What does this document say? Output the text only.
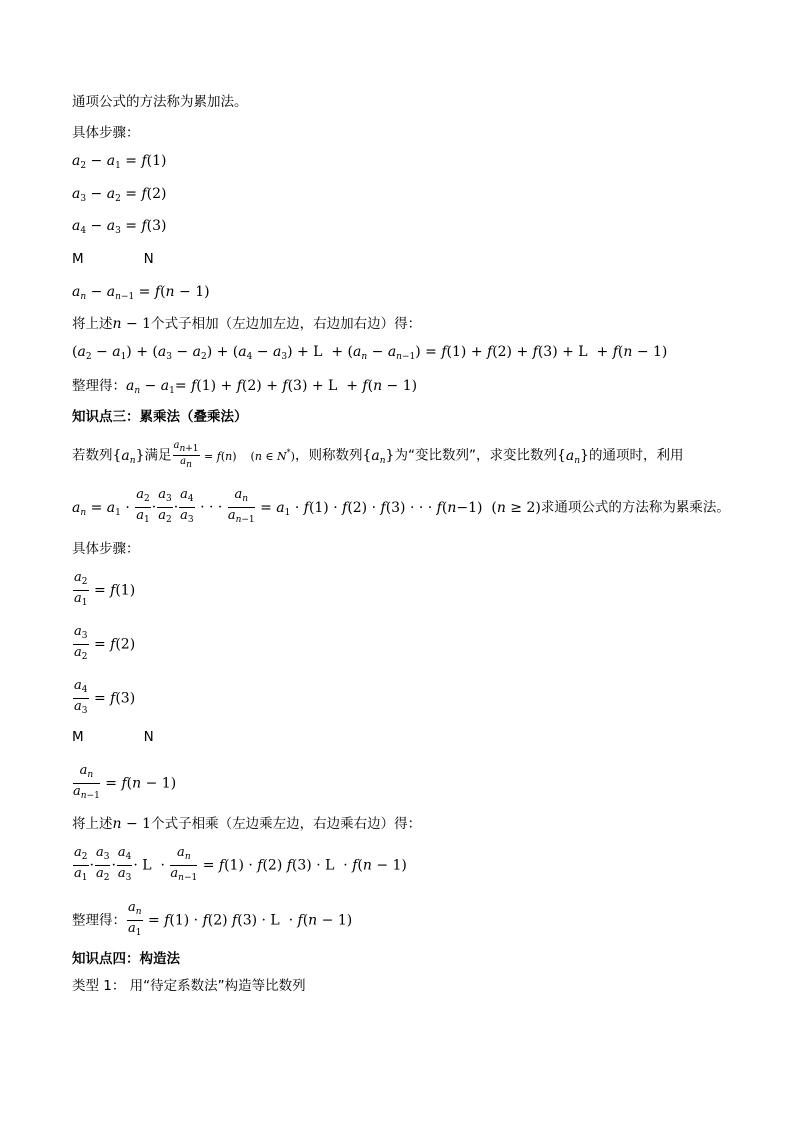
通项公式的方法称为累加法。
具体步骤：
$a_2 - a_1 = f(1)$
$a_3 - a_2 = f(2)$
$a_4 - a_3 = f(3)$
M	N
$a_n - a_{n-1} = f(n - 1)$
将上述n − 1个式子相加（左边加左边，右边加右边）得：
$(a_2 - a_1) + (a_3 - a_2) + (a_4 - a_3) + L + (a_n - a_{n-1}) = f(1) + f(2) + f(3) + L + f(n - 1)$
整理得：$a_n - a_1= f(1) + f(2) + f(3) + L + f(n - 1)$
知识点三：累乘法（叠乘法）
若数列$\{a_n\}$满足 $\frac{a_{n+1}}{a_n} = f(n)$    (n ∈ N*)，则称数列$\{a_n\}$为“变比数列”，求变比数列$\{a_n\}$的通项时，利用
$a_n = a_1 \cdot \frac{a_2}{a_1} \cdot \frac{a_3}{a_2} \cdot \frac{a_4}{a_3}$ · · · $\frac{a_n}{a_{n-1}} = a_1 \cdot f(1) \cdot f(2) \cdot f(3)$ · · · f(n−1)  (n ≥ 2)求通项公式的方法称为累乘法。
具体步骤：
$\frac{a_2}{a_1} = f(1)$
$\frac{a_3}{a_2} = f(2)$
$\frac{a_4}{a_3} = f(3)$
M	N
$\frac{a_n}{a_{n-1}} = f(n - 1)$
将上述n − 1个式子相乘（左边乘左边，右边乘右边）得：
$\frac{a_2}{a_1} \cdot \frac{a_3}{a_2} \cdot \frac{a_4}{a_3} \cdot L \cdot \frac{a_n}{a_{n-1}} = f(1) \cdot f(2) f(3) \cdot L \cdot f(n - 1)$
整理得： $\frac{a_n}{a_1} = f(1) \cdot f(2) f(3) \cdot L \cdot f(n - 1)$
知识点四：构造法
类型 1： 用“待定系数法”构造等比数列
